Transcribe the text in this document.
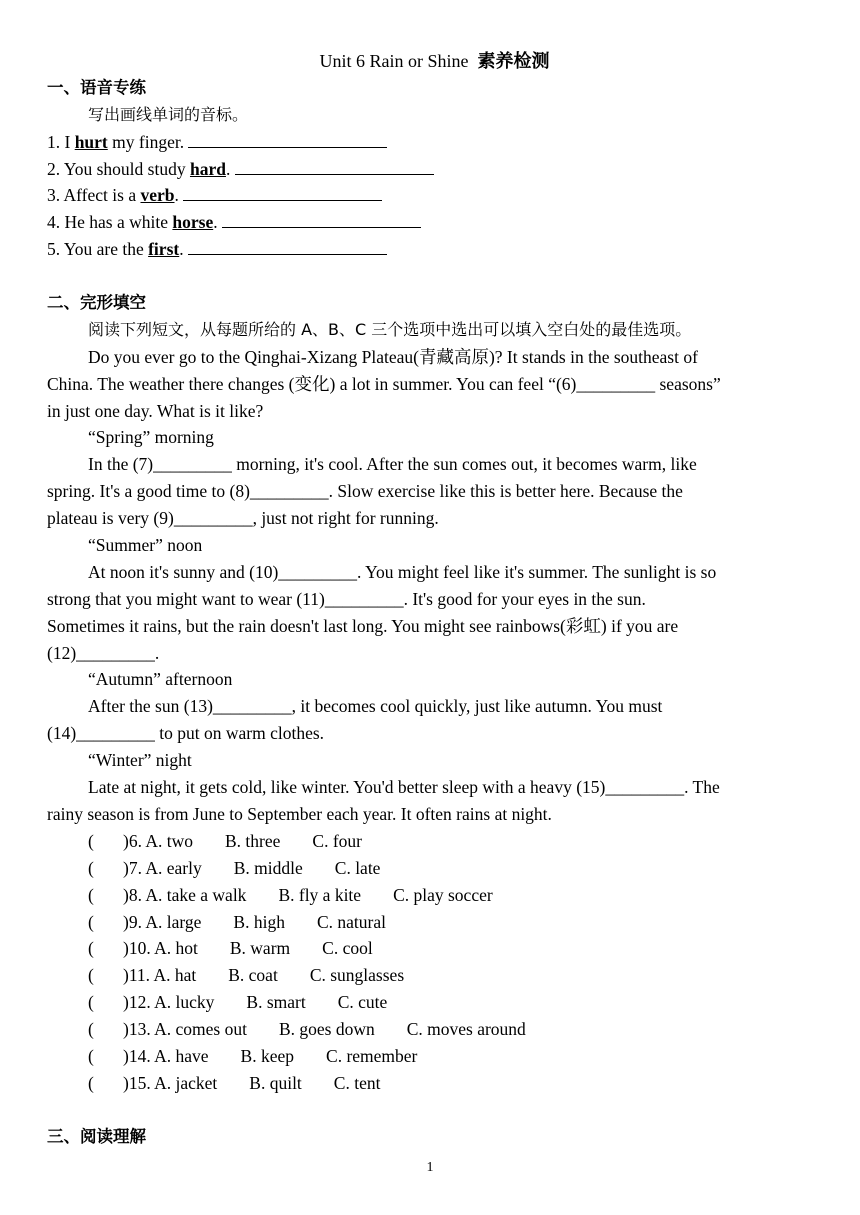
Unit 6 Rain or Shine 素养检测
一、语音专练
写出画线单词的音标。
1. I hurt my finger.
2. You should study hard.
3. Affect is a verb.
4. He has a white horse.
5. You are the first.
二、完形填空
阅读下列短文，从每题所给的 A、B、C 三个选项中选出可以填入空白处的最佳选项。
Do you ever go to the Qinghai-Xizang Plateau(青藏高原)? It stands in the southeast of
China. The weather there changes (变化) a lot in summer. You can feel “(6)_________ seasons”
in just one day. What is it like?
“Spring” morning
In the (7)_________ morning, it's cool. After the sun comes out, it becomes warm, like
spring. It's a good time to (8)_________. Slow exercise like this is better here. Because the
plateau is very (9)_________, just not right for running.
“Summer” noon
At noon it's sunny and (10)_________. You might feel like it's summer. The sunlight is so
strong that you might want to wear (11)_________. It's good for your eyes in the sun.
Sometimes it rains, but the rain doesn't last long. You might see rainbows(彩虹) if you are
(12)_________.
“Autumn” afternoon
After the sun (13)_________, it becomes cool quickly, just like autumn. You must
(14)_________ to put on warm clothes.
“Winter” night
Late at night, it gets cold, like winter. You'd better sleep with a heavy (15)_________. The
rainy season is from June to September each year. It often rains at night.
(	)6. A. two B. three C. four
(	)7. A. early B. middle C. late
(	)8. A. take a walk B. fly a kite C. play soccer
(	)9. A. large B. high C. natural
(	)10. A. hot B. warm C. cool
(	)11. A. hat B. coat C. sunglasses
(	)12. A. lucky B. smart C. cute
(	)13. A. comes out B. goes down C. moves around
(	)14. A. have B. keep C. remember
(	)15. A. jacket B. quilt C. tent
三、阅读理解
1
